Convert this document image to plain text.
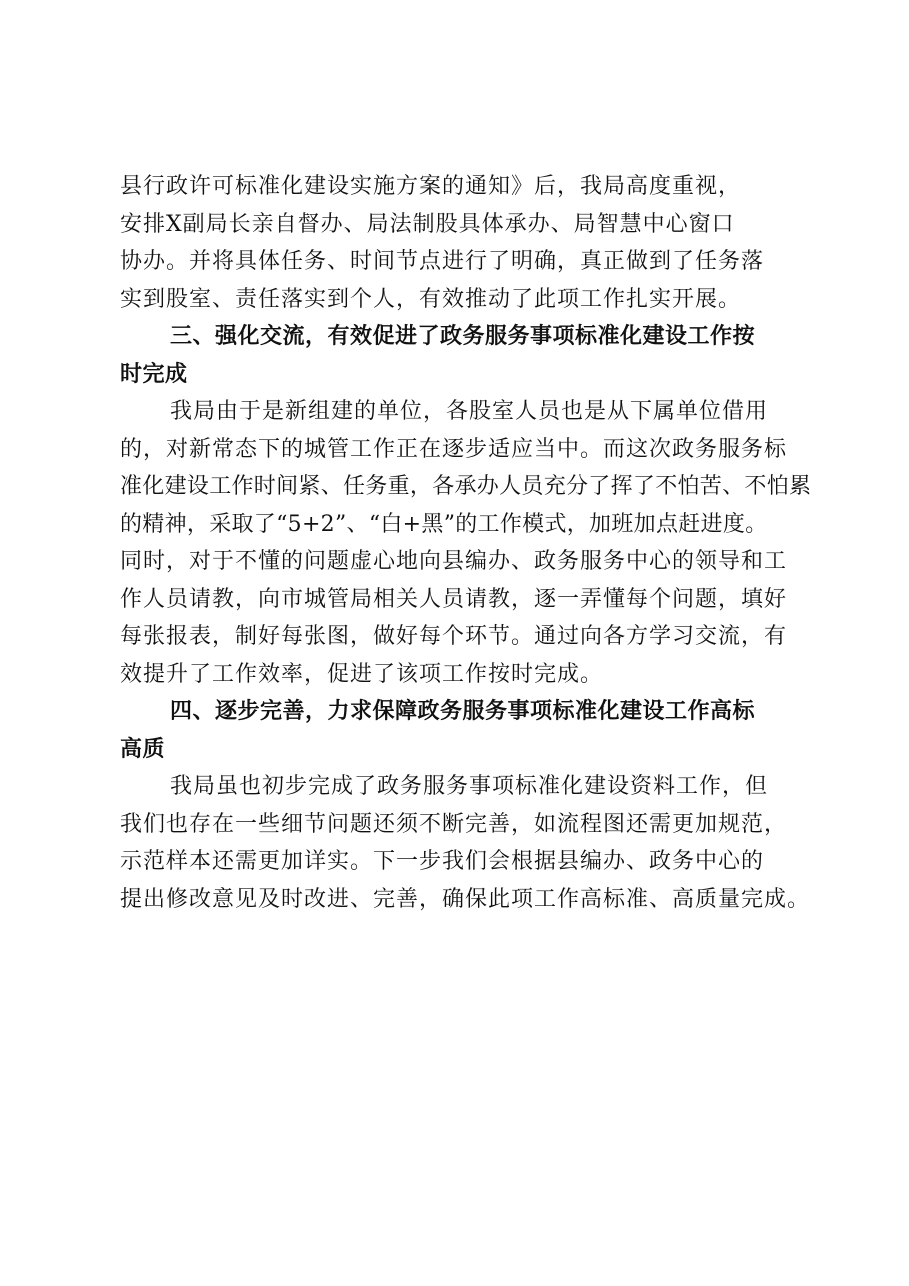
县行政许可标准化建设实施方案的通知》后，我局高度重视，
安排X副局长亲自督办、局法制股具体承办、局智慧中心窗口
协办。并将具体任务、时间节点进行了明确，真正做到了任务落
实到股室、责任落实到个人，有效推动了此项工作扎实开展。
三、强化交流，有效促进了政务服务事项标准化建设工作按
时完成
我局由于是新组建的单位，各股室人员也是从下属单位借用
的，对新常态下的城管工作正在逐步适应当中。而这次政务服务标
准化建设工作时间紧、任务重，各承办人员充分了挥了不怕苦、不怕累
的精神，采取了“5+2”、“白+黑”的工作模式，加班加点赶进度。
同时，对于不懂的问题虚心地向县编办、政务服务中心的领导和工
作人员请教，向市城管局相关人员请教，逐一弄懂每个问题，填好
每张报表，制好每张图，做好每个环节。通过向各方学习交流，有
效提升了工作效率，促进了该项工作按时完成。
四、逐步完善，力求保障政务服务事项标准化建设工作高标
高质
我局虽也初步完成了政务服务事项标准化建设资料工作，但
我们也存在一些细节问题还须不断完善，如流程图还需更加规范，
示范样本还需更加详实。下一步我们会根据县编办、政务中心的
提出修改意见及时改进、完善，确保此项工作高标准、高质量完成。
